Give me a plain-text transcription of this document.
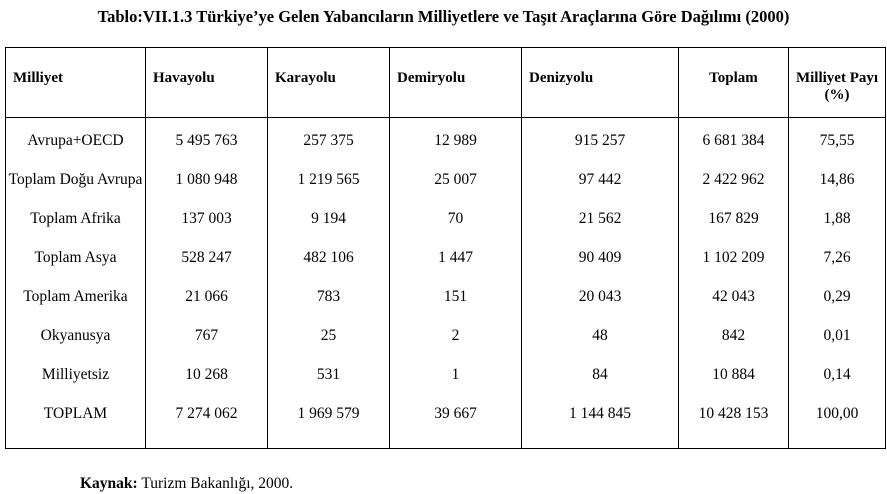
Tablo:VII.1.3 Türkiye’ye Gelen Yabancıların Milliyetlere ve Taşıt Araçlarına Göre Dağılımı (2000)
Milliyet	Havayolu	Karayolu	Demiryolu	Denizyolu	Toplam	Milliyet Payı (%)
Avrupa+OECD	5 495 763	257 375	12 989	915 257	6 681 384	75,55
Toplam Doğu Avrupa	1 080 948	1 219 565	25 007	97 442	2 422 962	14,86
Toplam Afrika	137 003	9 194	70	21 562	167 829	1,88
Toplam Asya	528 247	482 106	1 447	90 409	1 102 209	7,26
Toplam Amerika	21 066	783	151	20 043	42 043	0,29
Okyanusya	767	25	2	48	842	0,01
Milliyetsiz	10 268	531	1	84	10 884	0,14
TOPLAM	7 274 062	1 969 579	39 667	1 144 845	10 428 153	100,00
Kaynak: Turizm Bakanlığı, 2000.
